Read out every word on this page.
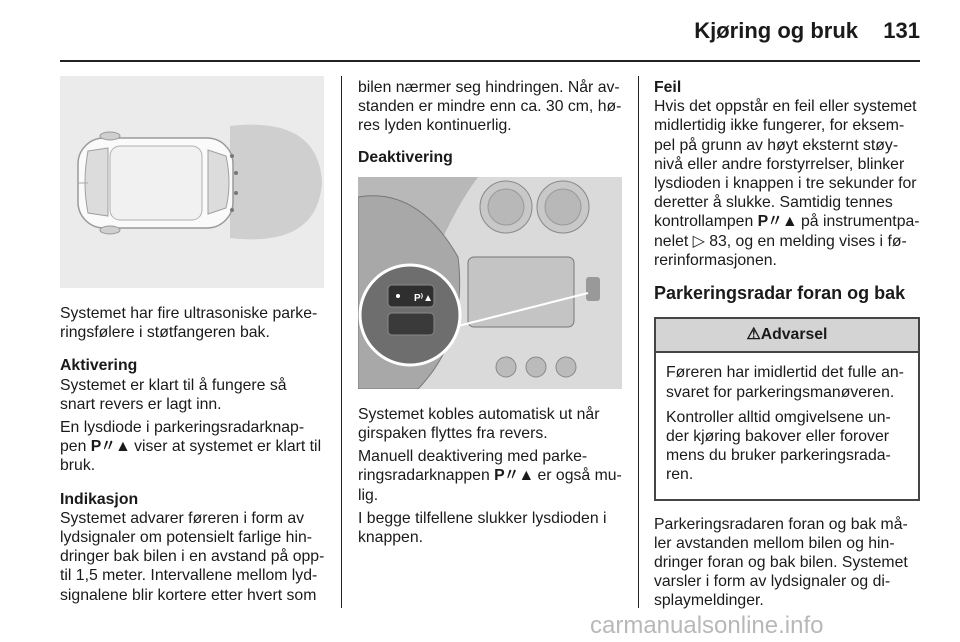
Kjøring og bruk 131

Systemet har fire ultrasoniske parke-ringsfølere i støtfangeren bak.

Aktivering
Systemet er klart til å fungere så snart revers er lagt inn.

En lysdiode i parkeringsradarknap-pen P〃▲ viser at systemet er klart til bruk.

Indikasjon
Systemet advarer føreren i form av lydsignaler om potensielt farlige hin-dringer bak bilen i en avstand på opp-til 1,5 meter. Intervallene mellom lyd-signalene blir kortere etter hvert som

bilen nærmer seg hindringen. Når av-standen er mindre enn ca. 30 cm, hø-res lyden kontinuerlig.

Deaktivering

P⁾▲

Systemet kobles automatisk ut når girspaken flyttes fra revers.

Manuell deaktivering med parke-ringsradarknappen P〃▲ er også mu-lig.

I begge tilfellene slukker lysdioden i knappen.

Feil
Hvis det oppstår en feil eller systemet midlertidig ikke fungerer, for eksem-pel på grunn av høyt eksternt støy-nivå eller andre forstyrrelser, blinker lysdioden i knappen i tre sekunder for deretter å slukke. Samtidig tennes kontrollampen P〃▲ på instrumentpa-nelet ▷ 83, og en melding vises i fø-rerinformasjonen.

Parkeringsradar foran og bak
⚠Advarsel

Føreren har imidlertid det fulle an-svaret for parkeringsmanøveren.

Kontroller alltid omgivelsene un-der kjøring bakover eller forover mens du bruker parkeringsrada-ren.

Parkeringsradaren foran og bak må-ler avstanden mellom bilen og hin-dringer foran og bak bilen. Systemet varsler i form av lydsignaler og di-splaymeldinger.

carmanualsonline.info
